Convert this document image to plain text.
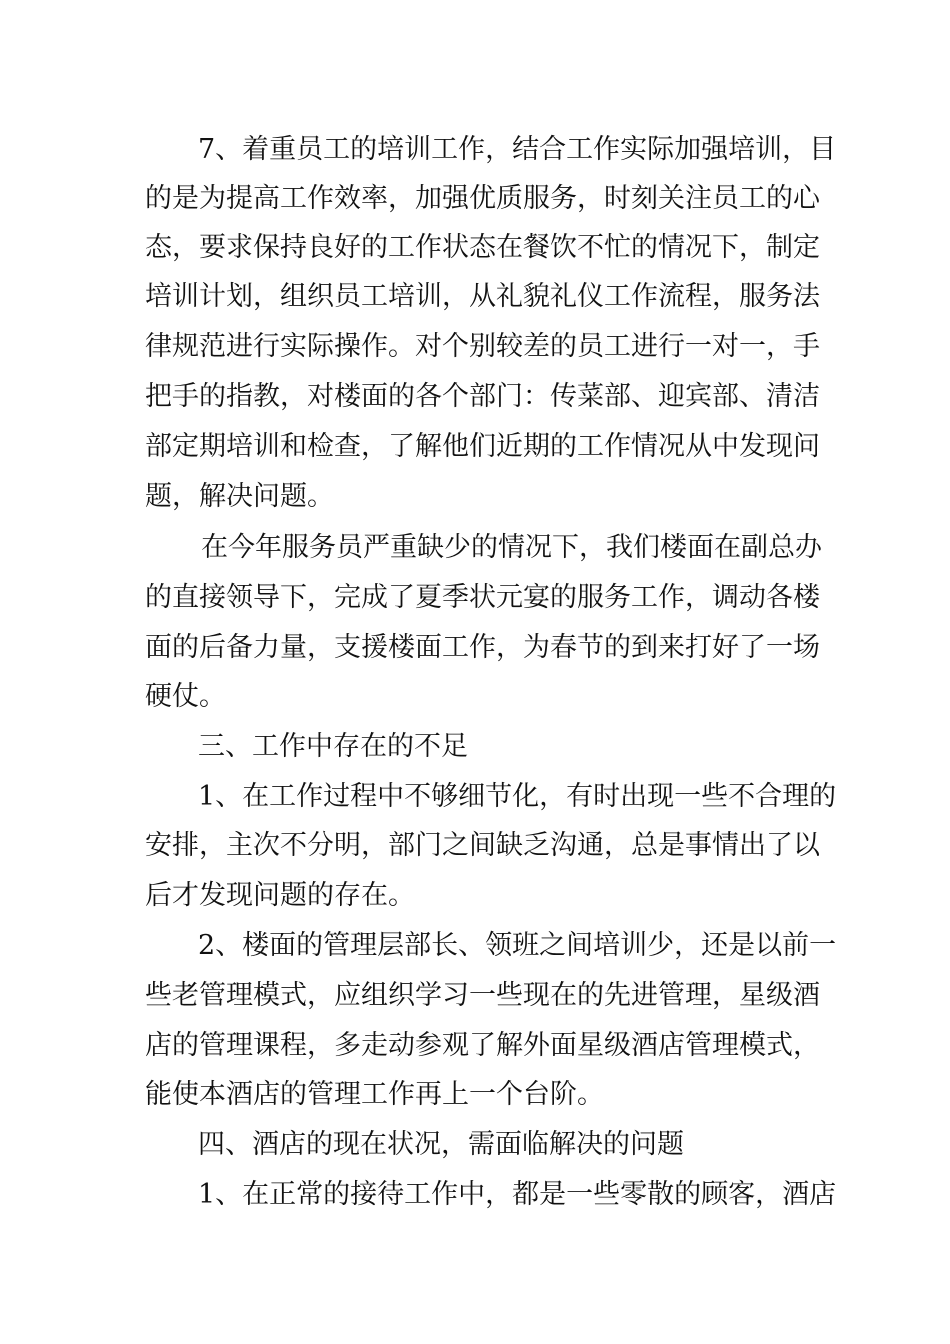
7、着重员工的培训工作，结合工作实际加强培训，目
的是为提高工作效率，加强优质服务，时刻关注员工的心
态，要求保持良好的工作状态在餐饮不忙的情况下，制定
培训计划，组织员工培训，从礼貌礼仪工作流程，服务法
律规范进行实际操作。对个别较差的员工进行一对一，手
把手的指教，对楼面的各个部门：传菜部、迎宾部、清洁
部定期培训和检查，了解他们近期的工作情况从中发现问
题，解决问题。
在今年服务员严重缺少的情况下，我们楼面在副总办
的直接领导下，完成了夏季状元宴的服务工作，调动各楼
面的后备力量，支援楼面工作，为春节的到来打好了一场
硬仗。
三、工作中存在的不足
1、在工作过程中不够细节化，有时出现一些不合理的
安排，主次不分明，部门之间缺乏沟通，总是事情出了以
后才发现问题的存在。
2、楼面的管理层部长、领班之间培训少，还是以前一
些老管理模式，应组织学习一些现在的先进管理，星级酒
店的管理课程，多走动参观了解外面星级酒店管理模式，
能使本酒店的管理工作再上一个台阶。
四、酒店的现在状况，需面临解决的问题
1、在正常的接待工作中，都是一些零散的顾客，酒店
